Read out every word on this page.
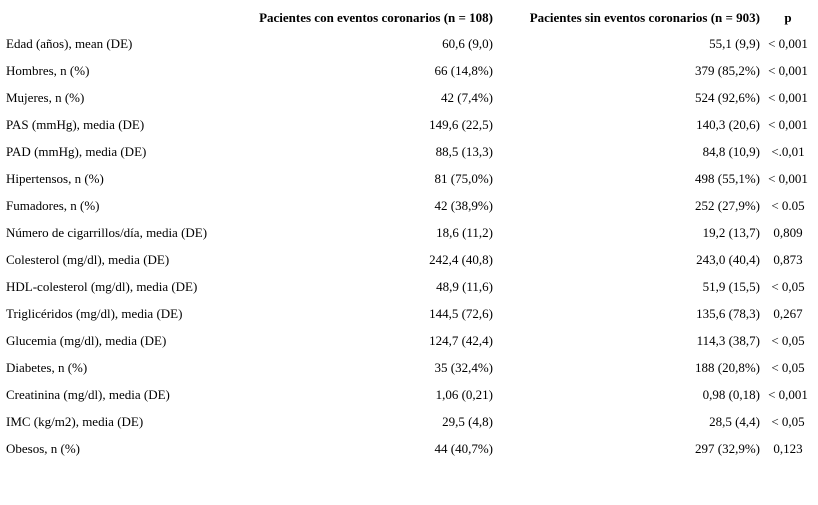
	Pacientes con eventos coronarios (n = 108)	Pacientes sin eventos coronarios (n = 903)	p
Edad (años), mean (DE)	60,6 (9,0)	55,1 (9,9)	< 0,001
Hombres, n (%)	66 (14,8%)	379 (85,2%)	< 0,001
Mujeres, n (%)	42 (7,4%)	524 (92,6%)	< 0,001
PAS (mmHg), media (DE)	149,6 (22,5)	140,3 (20,6)	< 0,001
PAD (mmHg), media (DE)	88,5 (13,3)	84,8 (10,9)	<.0,01
Hipertensos, n (%)	81 (75,0%)	498 (55,1%)	< 0,001
Fumadores, n (%)	42 (38,9%)	252 (27,9%)	< 0.05
Número de cigarrillos/día, media (DE)	18,6 (11,2)	19,2 (13,7)	0,809
Colesterol (mg/dl), media (DE)	242,4 (40,8)	243,0 (40,4)	0,873
HDL-colesterol (mg/dl), media (DE)	48,9 (11,6)	51,9 (15,5)	< 0,05
Triglicéridos (mg/dl), media (DE)	144,5 (72,6)	135,6 (78,3)	0,267
Glucemia (mg/dl), media (DE)	124,7 (42,4)	114,3 (38,7)	< 0,05
Diabetes, n (%)	35 (32,4%)	188 (20,8%)	< 0,05
Creatinina (mg/dl), media (DE)	1,06 (0,21)	0,98 (0,18)	< 0,001
IMC (kg/m2), media (DE)	29,5 (4,8)	28,5 (4,4)	< 0,05
Obesos, n (%)	44 (40,7%)	297 (32,9%)	0,123
